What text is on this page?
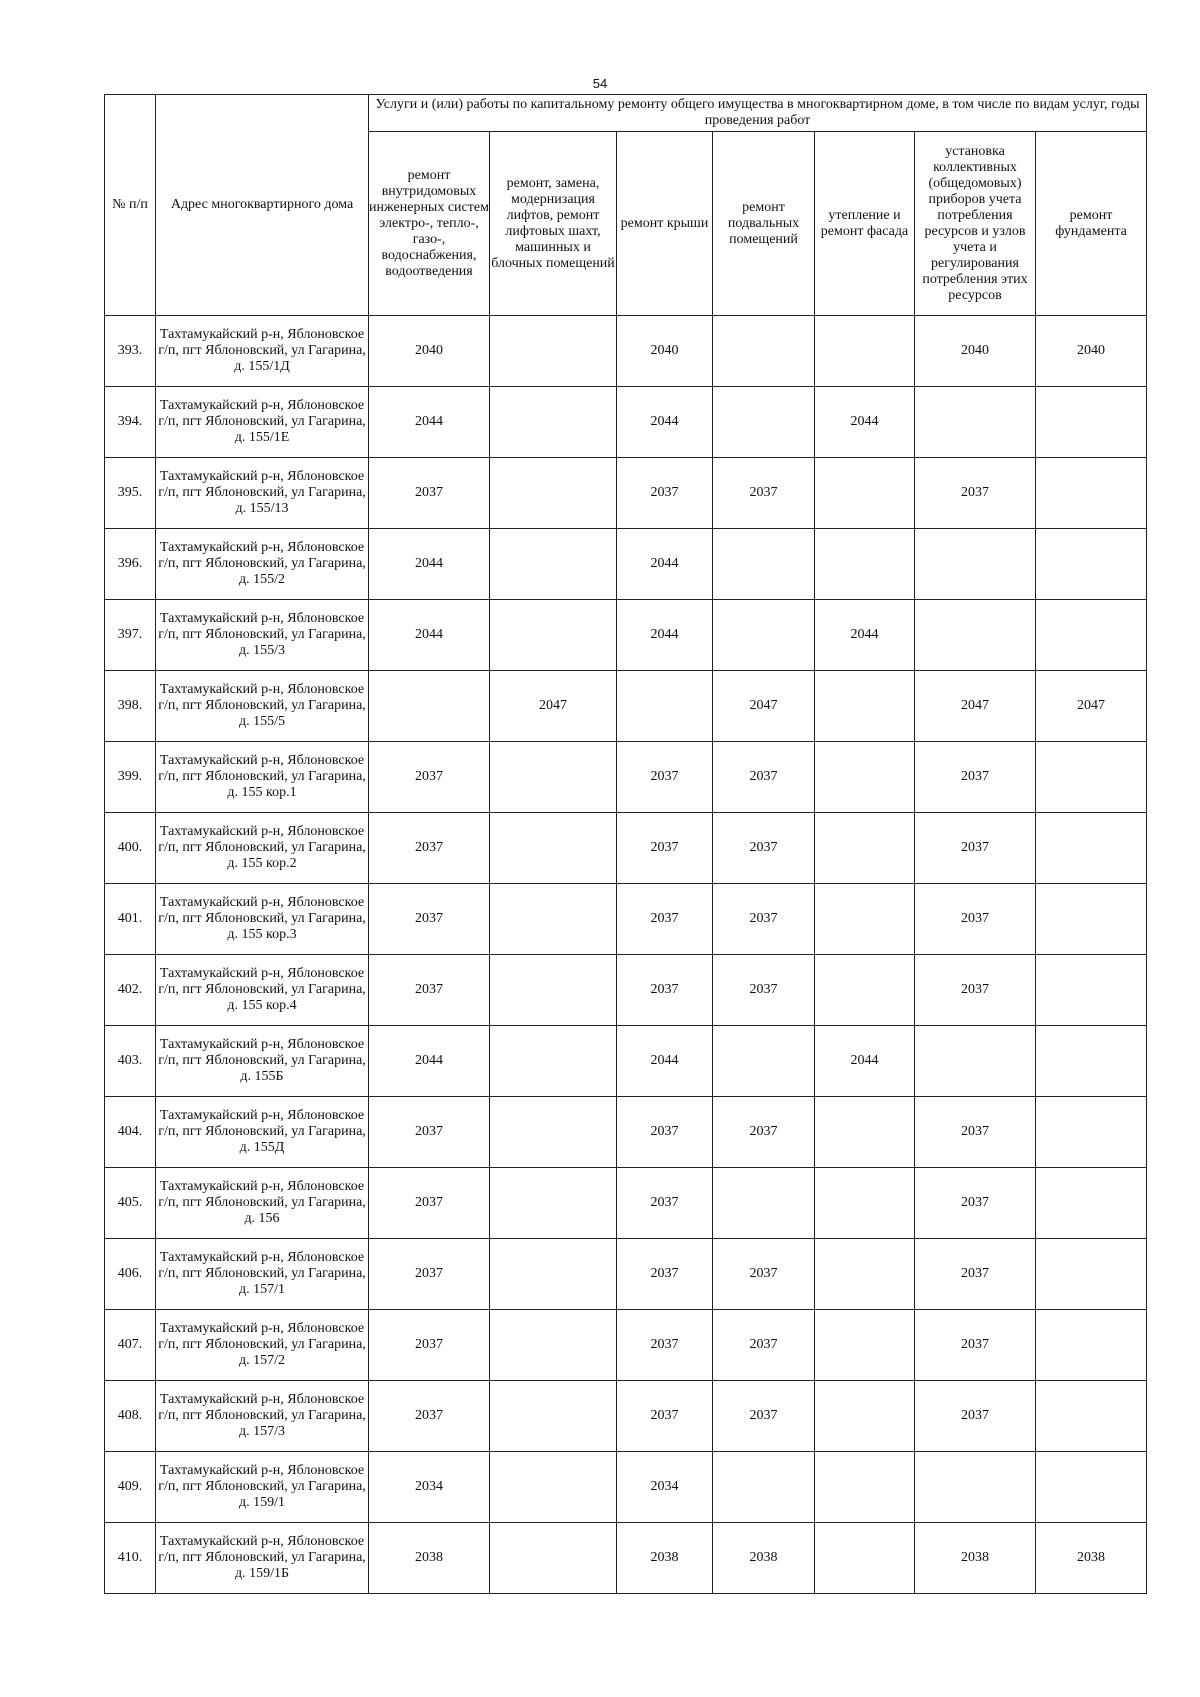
54
№ п/п	Адрес многоквартирного дома	Услуги и (или) работы по капитальному ремонту общего имущества в многоквартирном доме, в том числе по видам услуг, годы проведения работ						
		ремонт внутридомовых инженерных систем электро-, тепло-, газо-, водоснабжения, водоотведения	ремонт, замена, модернизация лифтов, ремонт лифтовых шахт, машинных и блочных помещений	ремонт крыши	ремонт подвальных помещений	утепление и ремонт фасада	установка коллективных (общедомовых) приборов учета потребления ресурсов и узлов учета и регулирования потребления этих ресурсов	ремонт фундамента
393.	Тахтамукайский р-н, Яблоновское г/п, пгт Яблоновский, ул Гагарина, д. 155/1Д	2040		2040			2040	2040
394.	Тахтамукайский р-н, Яблоновское г/п, пгт Яблоновский, ул Гагарина, д. 155/1Е	2044		2044		2044		
395.	Тахтамукайский р-н, Яблоновское г/п, пгт Яблоновский, ул Гагарина, д. 155/13	2037		2037	2037		2037	
396.	Тахтамукайский р-н, Яблоновское г/п, пгт Яблоновский, ул Гагарина, д. 155/2	2044		2044				
397.	Тахтамукайский р-н, Яблоновское г/п, пгт Яблоновский, ул Гагарина, д. 155/3	2044		2044		2044		
398.	Тахтамукайский р-н, Яблоновское г/п, пгт Яблоновский, ул Гагарина, д. 155/5		2047		2047		2047	2047
399.	Тахтамукайский р-н, Яблоновское г/п, пгт Яблоновский, ул Гагарина, д. 155 кор.1	2037		2037	2037		2037	
400.	Тахтамукайский р-н, Яблоновское г/п, пгт Яблоновский, ул Гагарина, д. 155 кор.2	2037		2037	2037		2037	
401.	Тахтамукайский р-н, Яблоновское г/п, пгт Яблоновский, ул Гагарина, д. 155 кор.3	2037		2037	2037		2037	
402.	Тахтамукайский р-н, Яблоновское г/п, пгт Яблоновский, ул Гагарина, д. 155 кор.4	2037		2037	2037		2037	
403.	Тахтамукайский р-н, Яблоновское г/п, пгт Яблоновский, ул Гагарина, д. 155Б	2044		2044		2044		
404.	Тахтамукайский р-н, Яблоновское г/п, пгт Яблоновский, ул Гагарина, д. 155Д	2037		2037	2037		2037	
405.	Тахтамукайский р-н, Яблоновское г/п, пгт Яблоновский, ул Гагарина, д. 156	2037		2037			2037	
406.	Тахтамукайский р-н, Яблоновское г/п, пгт Яблоновский, ул Гагарина, д. 157/1	2037		2037	2037		2037	
407.	Тахтамукайский р-н, Яблоновское г/п, пгт Яблоновский, ул Гагарина, д. 157/2	2037		2037	2037		2037	
408.	Тахтамукайский р-н, Яблоновское г/п, пгт Яблоновский, ул Гагарина, д. 157/3	2037		2037	2037		2037	
409.	Тахтамукайский р-н, Яблоновское г/п, пгт Яблоновский, ул Гагарина, д. 159/1	2034		2034				
410.	Тахтамукайский р-н, Яблоновское г/п, пгт Яблоновский, ул Гагарина, д. 159/1Б	2038		2038	2038		2038	2038
